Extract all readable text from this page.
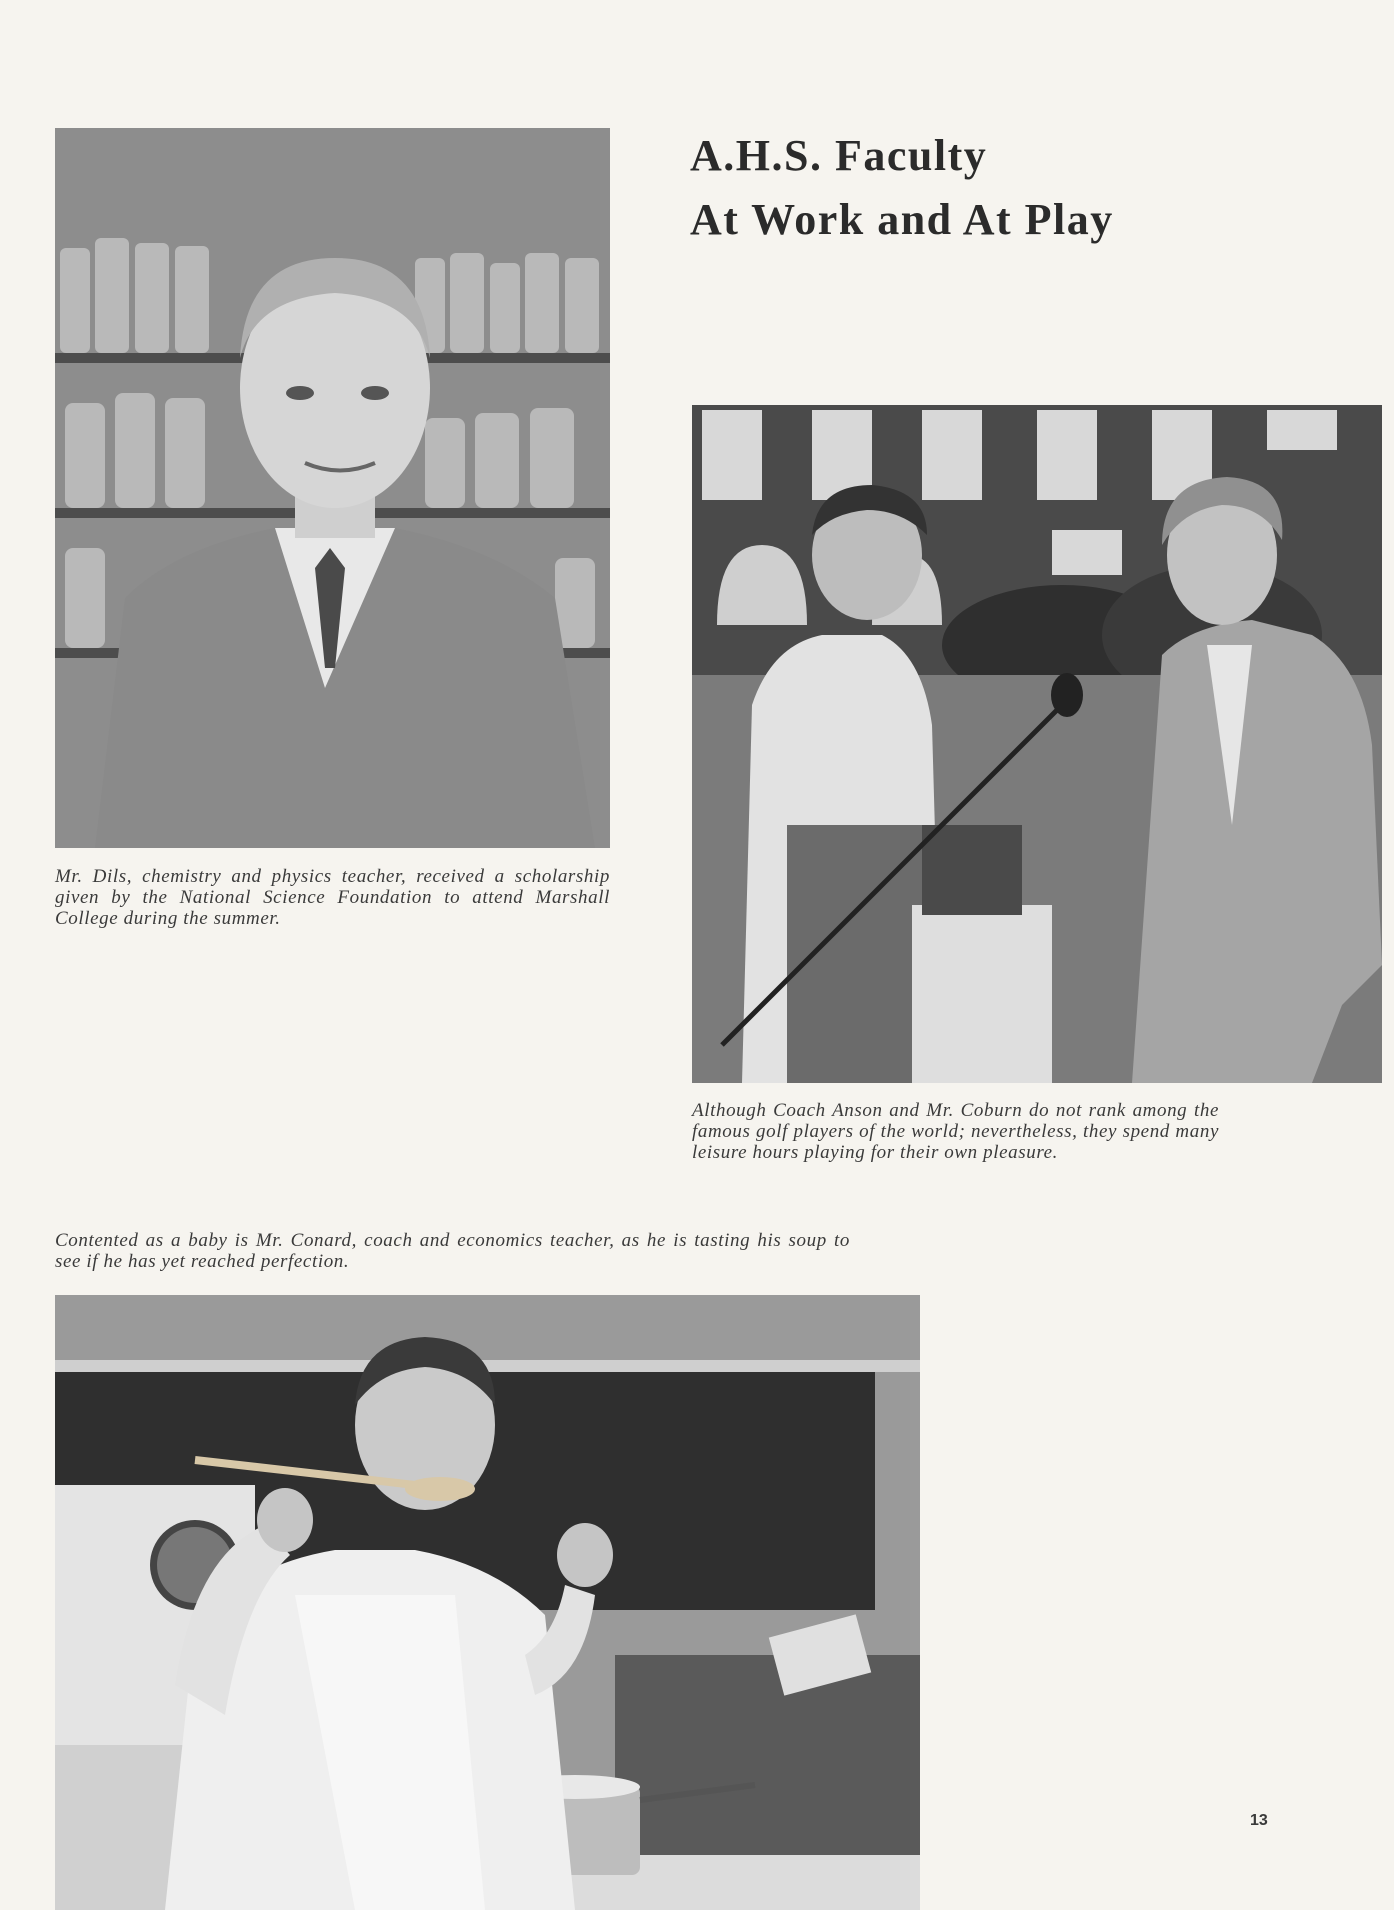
A.H.S. Faculty
At Work and At Play

Mr. Dils, chemistry and physics teacher, received a scholarship given by the National Science Foundation to attend Marshall College during the summer.

Although Coach Anson and Mr. Coburn do not rank among the famous golf players of the world; nevertheless, they spend many leisure hours playing for their own pleasure.

Contented as a baby is Mr. Conard, coach and economics teacher, as he is tasting his soup to see if he has yet reached perfection.

13
